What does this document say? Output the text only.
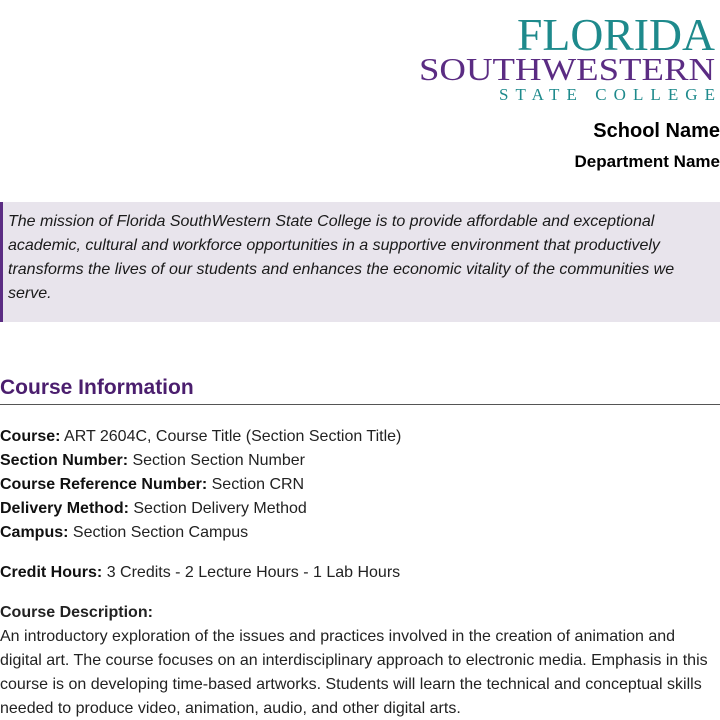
FLORIDA
SOUTHWESTERN
STATE COLLEGE
School Name
Department Name
The mission of Florida SouthWestern State College is to provide affordable and exceptional academic, cultural and workforce opportunities in a supportive environment that productively transforms the lives of our students and enhances the economic vitality of the communities we serve.
Course Information
Course: ART 2604C, Course Title (Section Section Title)
Section Number: Section Section Number
Course Reference Number: Section CRN
Delivery Method: Section Delivery Method
Campus: Section Section Campus
Credit Hours: 3 Credits - 2 Lecture Hours - 1 Lab Hours
Course Description:
An introductory exploration of the issues and practices involved in the creation of animation and digital art. The course focuses on an interdisciplinary approach to electronic media. Emphasis in this course is on developing time-based artworks. Students will learn the technical and conceptual skills needed to produce video, animation, audio, and other digital arts.
